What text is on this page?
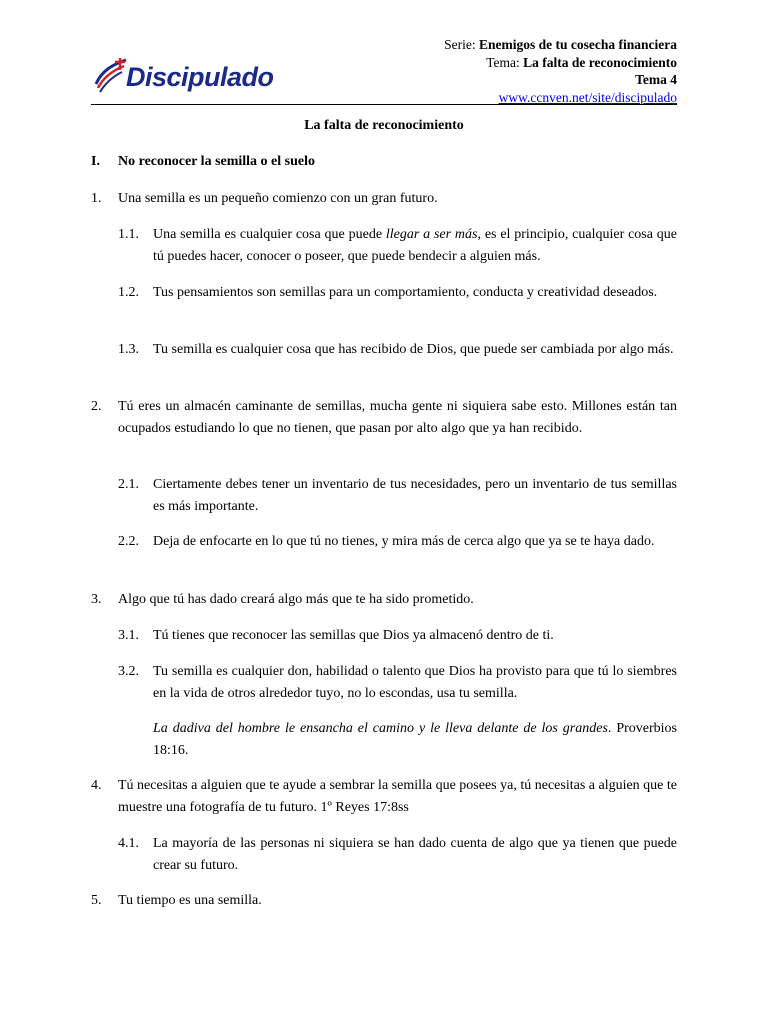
Discipulado
Serie: Enemigos de tu cosecha financiera
Tema: La falta de reconocimiento
Tema 4
www.ccnven.net/site/discipulado
La falta de reconocimiento
I. No reconocer la semilla o el suelo
1. Una semilla es un pequeño comienzo con un gran futuro.
1.1. Una semilla es cualquier cosa que puede llegar a ser más, es el principio, cualquier cosa que tú puedes hacer, conocer o poseer, que puede bendecir a alguien más.
1.2. Tus pensamientos son semillas para un comportamiento, conducta y creatividad deseados.
1.3. Tu semilla es cualquier cosa que has recibido de Dios, que puede ser cambiada por algo más.
2. Tú eres un almacén caminante de semillas, mucha gente ni siquiera sabe esto. Millones están tan ocupados estudiando lo que no tienen, que pasan por alto algo que ya han recibido.
2.1. Ciertamente debes tener un inventario de tus necesidades, pero un inventario de tus semillas es más importante.
2.2. Deja de enfocarte en lo que tú no tienes, y mira más de cerca algo que ya se te haya dado.
3. Algo que tú has dado creará algo más que te ha sido prometido.
3.1. Tú tienes que reconocer las semillas que Dios ya almacenó dentro de ti.
3.2. Tu semilla es cualquier don, habilidad o talento que Dios ha provisto para que tú lo siembres en la vida de otros alrededor tuyo, no lo escondas, usa tu semilla.
La dadiva del hombre le ensancha el camino y le lleva delante de los grandes. Proverbios 18:16.
4. Tú necesitas a alguien que te ayude a sembrar la semilla que posees ya, tú necesitas a alguien que te muestre una fotografía de tu futuro. 1º Reyes 17:8ss
4.1. La mayoría de las personas ni siquiera se han dado cuenta de algo que ya tienen que puede crear su futuro.
5. Tu tiempo es una semilla.
